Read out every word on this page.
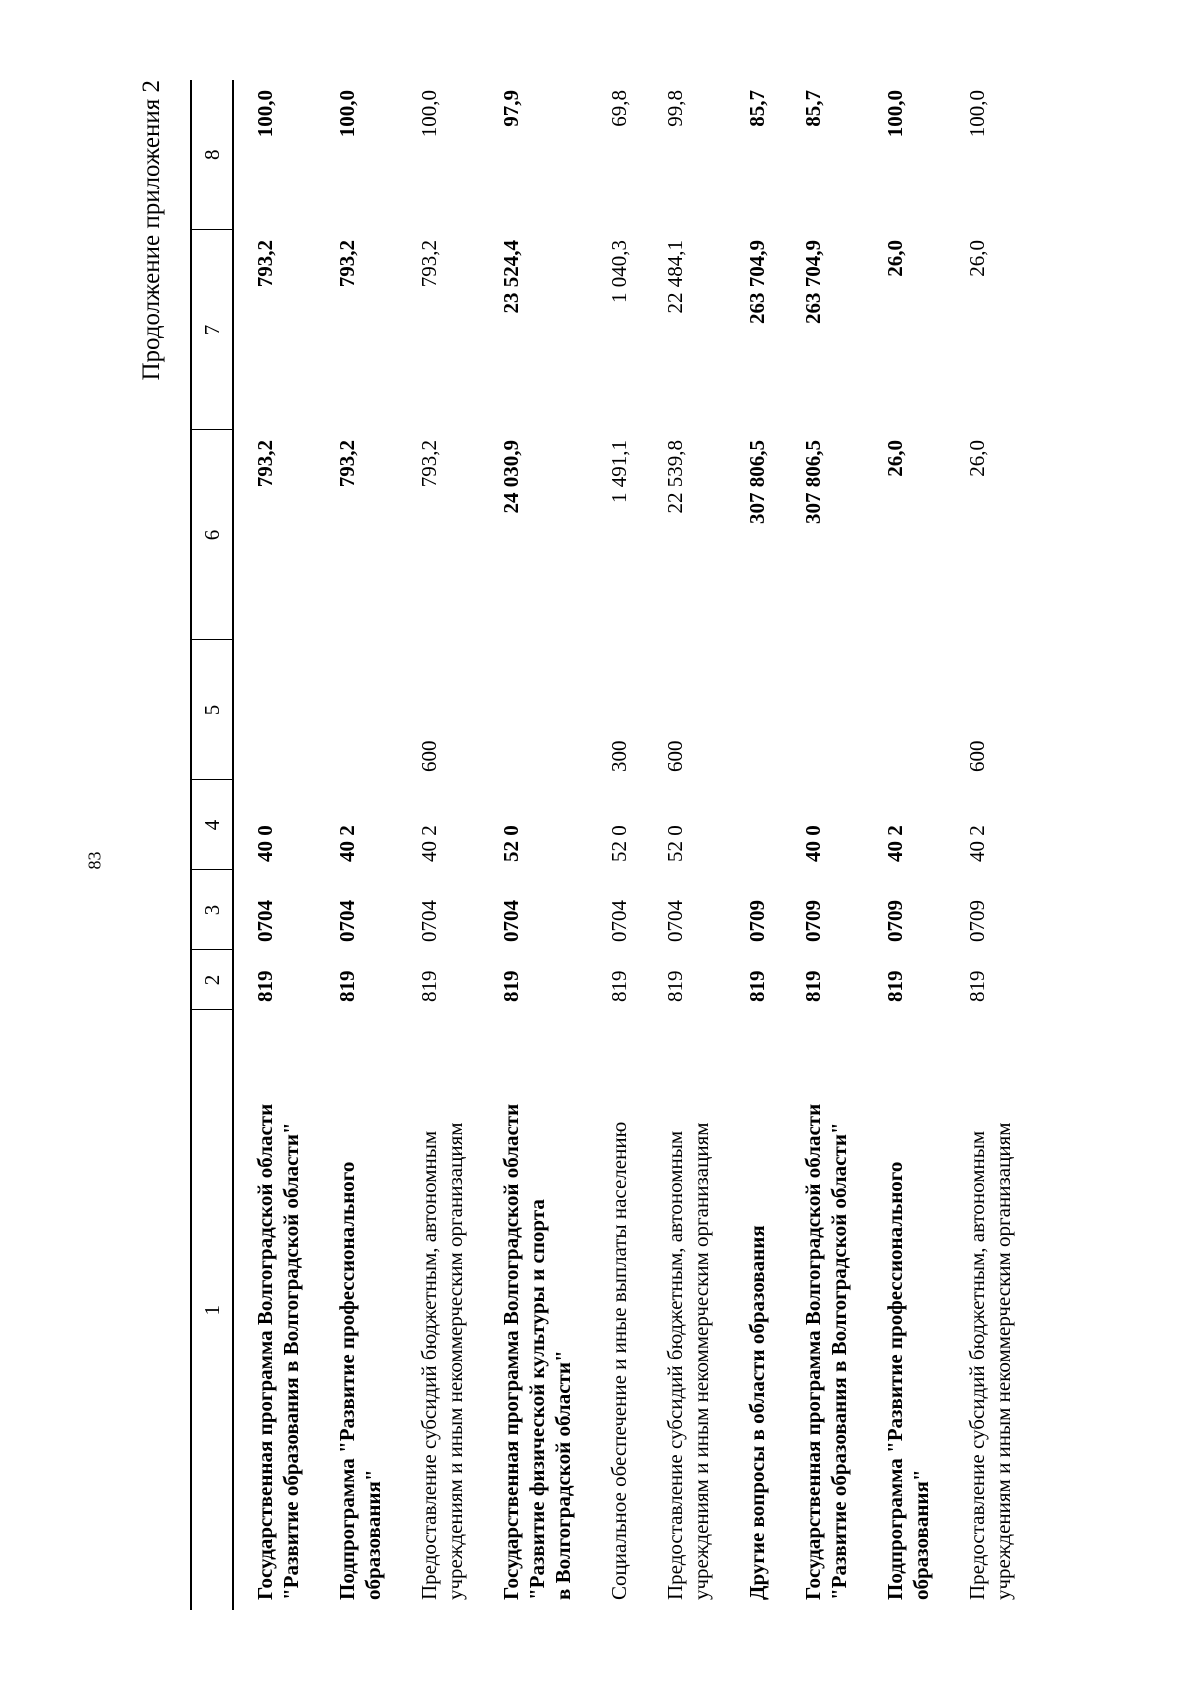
83
Продолжение приложения 2
1	2	3	4	5	6	7	8

Государственная программа Волгоградской области "Развитие образования в Волгоградской области"	819	0704	40 0		793,2	793,2	100,0

Подпрограмма "Развитие профессионального образования"	819	0704	40 2		793,2	793,2	100,0

Предоставление субсидий бюджетным, автономным учреждениям и иным некоммерческим организациям	819	0704	40 2	600	793,2	793,2	100,0

Государственная программа Волгоградской области "Развитие физической культуры и спорта в Волгоградской области"	819	0704	52 0		24 030,9	23 524,4	97,9

Социальное обеспечение и иные выплаты населению	819	0704	52 0	300	1 491,1	1 040,3	69,8

Предоставление субсидий бюджетным, автономным учреждениям и иным некоммерческим организациям	819	0704	52 0	600	22 539,8	22 484,1	99,8

Другие вопросы в области образования	819	0709			307 806,5	263 704,9	85,7

Государственная программа Волгоградской области "Развитие образования в Волгоградской области"	819	0709	40 0		307 806,5	263 704,9	85,7

Подпрограмма "Развитие профессионального образования"	819	0709	40 2		26,0	26,0	100,0

Предоставление субсидий бюджетным, автономным учреждениям и иным некоммерческим организациям	819	0709	40 2	600	26,0	26,0	100,0
